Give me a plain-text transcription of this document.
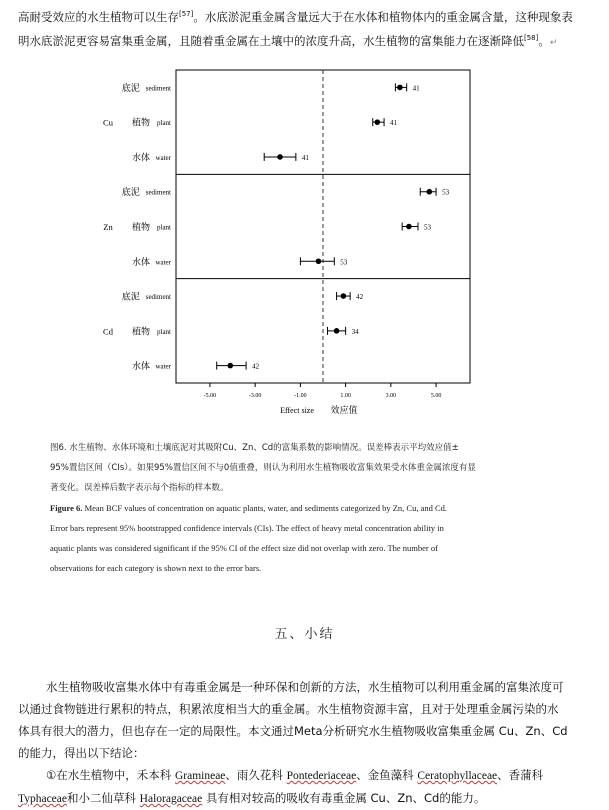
高耐受效应的水生植物可以生存[57]。水底淤泥重金属含量远大于在水体和植物体内的重金属含量，这种现象表
明水底淤泥更容易富集重金属，且随着重金属在土壤中的浓度升高，水生植物的富集能力在逐渐降低[58]。↵
41
sediment
底泥
41
plant
植物
Cu
41
water
水体
53
sediment
底泥
53
plant
植物
Zn
53
water
水体
42
sediment
底泥
34
plant
植物
Cd
42
water
水体
-5.00	-3.00	-1.00	1.00	3.00	5.00
Effect size 效应值
图6. 水生植物、水体环境和土壤底泥对其吸附Cu、Zn、Cd的富集系数的影响情况。误差棒表示平均效应值±
95%置信区间（CIs）。如果95%置信区间不与0值重叠，则认为利用水生植物吸收富集效果受水体重金属浓度有显
著变化。误差棒后数字表示每个指标的样本数。
Figure 6. Mean BCF values of concentration on aquatic plants, water, and sediments categorized by Zn, Cu, and Cd.
Error bars represent 95% bootstrapped confidence intervals (CIs). The effect of heavy metal concentration ability in
aquatic plants was considered significant if the 95% CI of the effect size did not overlap with zero. The number of
observations for each category is shown next to the error bars.
五、小结
水生植物吸收富集水体中有毒重金属是一种环保和创新的方法，水生植物可以利用重金属的富集浓度可
以通过食物链进行累积的特点，积累浓度相当大的重金属。水生植物资源丰富，且对于处理重金属污染的水
体具有很大的潜力，但也存在一定的局限性。本文通过Meta分析研究水生植物吸收富集重金属 Cu、Zn、Cd
的能力，得出以下结论：
①在水生植物中，禾本科 Gramineae、雨久花科 Pontederiaceae、金鱼藻科 Ceratophyllaceae、香蒲科
Typhaceae和小二仙草科 Haloragaceae 具有相对较高的吸收有毒重金属 Cu、Zn、Cd的能力。
